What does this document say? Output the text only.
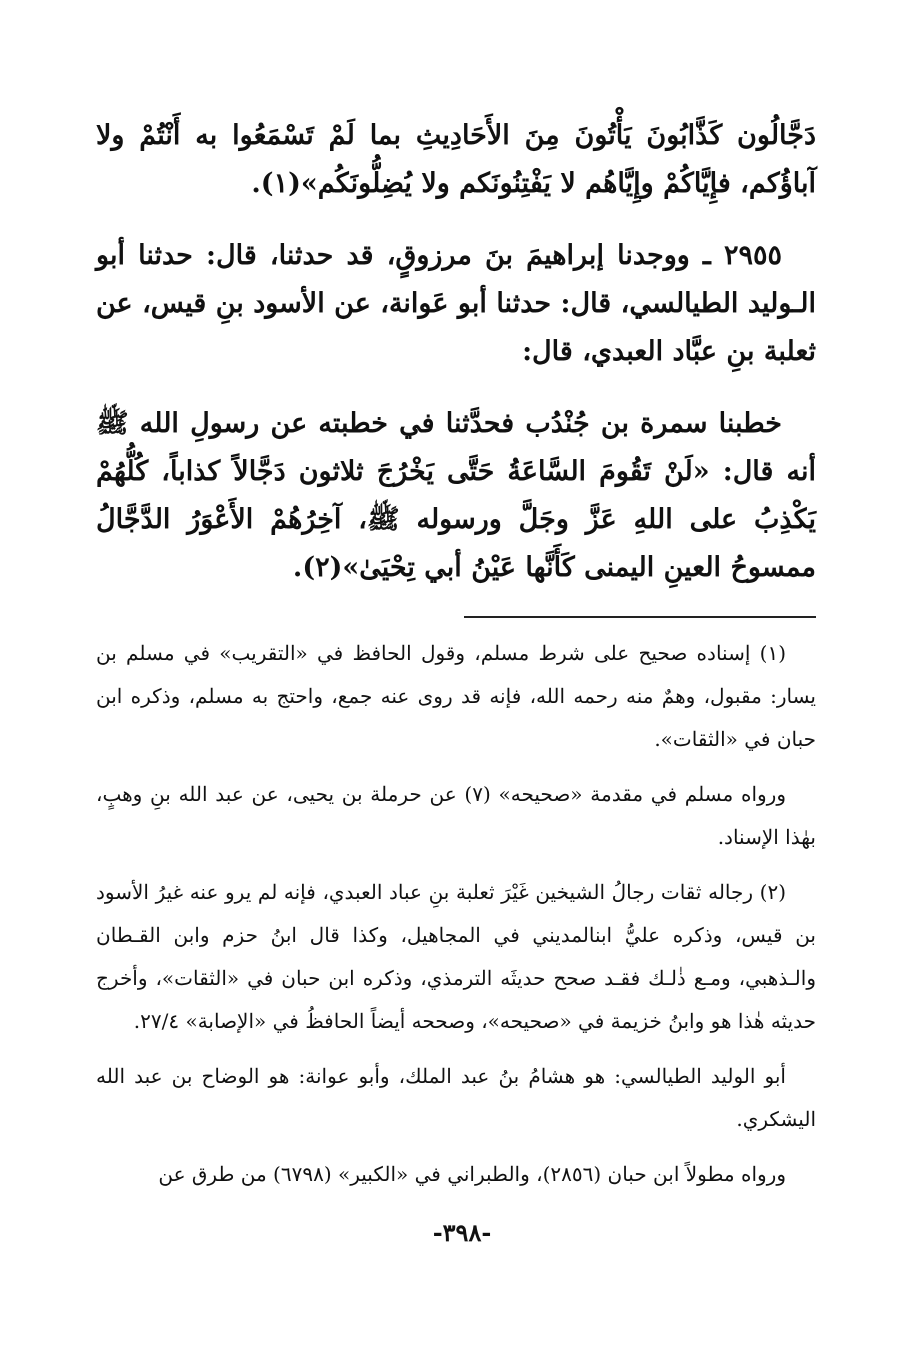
دَجَّالُون كَذَّابُونَ يَأْتُونَ مِنَ الأَحَادِيثِ بما لَمْ تَسْمَعُوا به أَنْتُمْ ولا آباؤُكم، فإِيَّاكُمْ وإِيَّاهُم لا يَفْتِنُونَكم ولا يُضِلُّونَكُم»(١).

٢٩٥٥ ـ ووجدنا إبراهيمَ بنَ مرزوقٍ، قد حدثنا، قال: حدثنا أبو الـوليد الطيالسي، قال: حدثنا أبو عَوانة، عن الأسود بنِ قيس، عن ثعلبة بنِ عبَّاد العبدي، قال:

خطبنا سمرة بن جُنْدُب فحدَّثنا في خطبته عن رسولِ الله ﷺ أنه قال: «لَنْ تَقُومَ السَّاعَةُ حَتَّى يَخْرُجَ ثلاثون دَجَّالاً كذاباً، كُلُّهُمْ يَكْذِبُ على اللهِ عَزَّ وجَلَّ ورسوله ﷺ، آخِرُهُمْ الأَعْوَرُ الدَّجَّالُ ممسوحُ العينِ اليمنى كَأَنَّها عَيْنُ أبي تِحْيَىٰ»(٢).

(١) إسناده صحيح على شرط مسلم، وقول الحافظ في «التقريب» في مسلم بن يسار: مقبول، وهمٌ منه رحمه الله، فإنه قد روى عنه جمع، واحتج به مسلم، وذكره ابن حبان في «الثقات».

ورواه مسلم في مقدمة «صحيحه» (٧) عن حرملة بن يحيى، عن عبد الله بنِ وهبٍ، بهٰذا الإسناد.

(٢) رجاله ثقات رجالُ الشيخين غَيْرَ ثعلبة بنِ عباد العبدي، فإنه لم يرو عنه غيرُ الأسود بن قيس، وذكره عليُّ ابنالمديني في المجاهيل، وكذا قال ابنُ حزم وابن القـطان والـذهبي، ومـع ذٰلـك فقـد صحح حديثَه الترمذي، وذكره ابن حبان في «الثقات»، وأخرج حديثه هٰذا هو وابنُ خزيمة في «صحيحه»، وصححه أيضاً الحافظُ في «الإصابة» ٢٧/٤.

أبو الوليد الطيالسي: هو هشامُ بنُ عبد الملك، وأبو عوانة: هو الوضاح بن عبد الله اليشكري.

ورواه مطولاً ابن حبان (٢٨٥٦)، والطبراني في «الكبير» (٦٧٩٨) من طرق عن

-٣٩٨-
